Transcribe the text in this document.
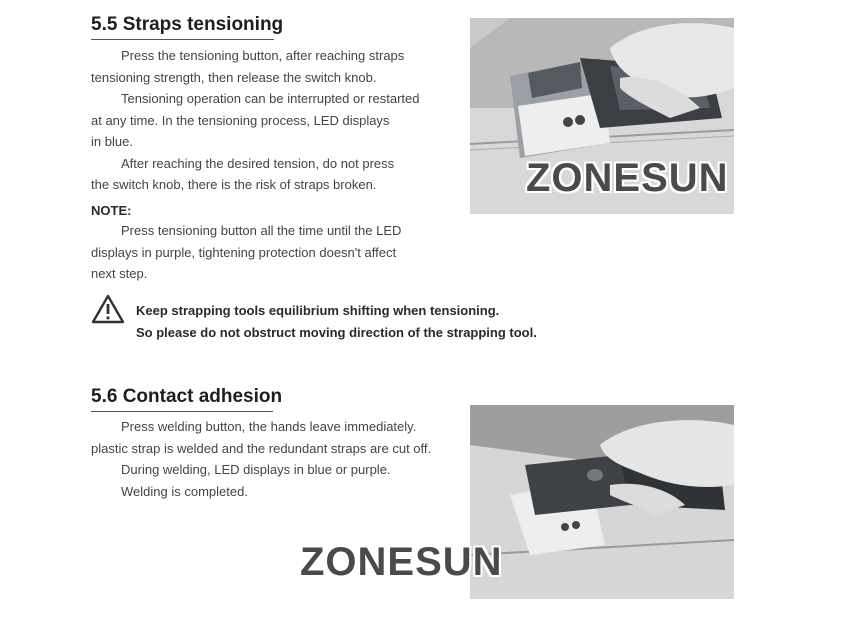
5.5 Straps tensioning

Press the tensioning button, after reaching straps

tensioning strength, then release the switch knob.

Tensioning operation can be interrupted or restarted

at any time. In the tensioning process, LED displays

in blue.

After reaching the desired tension, do not press

the switch knob, there is the risk of straps broken.

NOTE:

Press tensioning button all the time until the LED

displays in purple, tightening protection doesn't affect

next step.

Keep strapping tools equilibrium shifting when tensioning.
So please do not obstruct moving direction of the strapping tool.
ZONESUN
5.6 Contact adhesion

Press welding button, the hands leave immediately.

plastic strap is welded and the redundant straps are cut off.

During welding, LED displays in blue or purple.

Welding is completed.

ZONESUN
